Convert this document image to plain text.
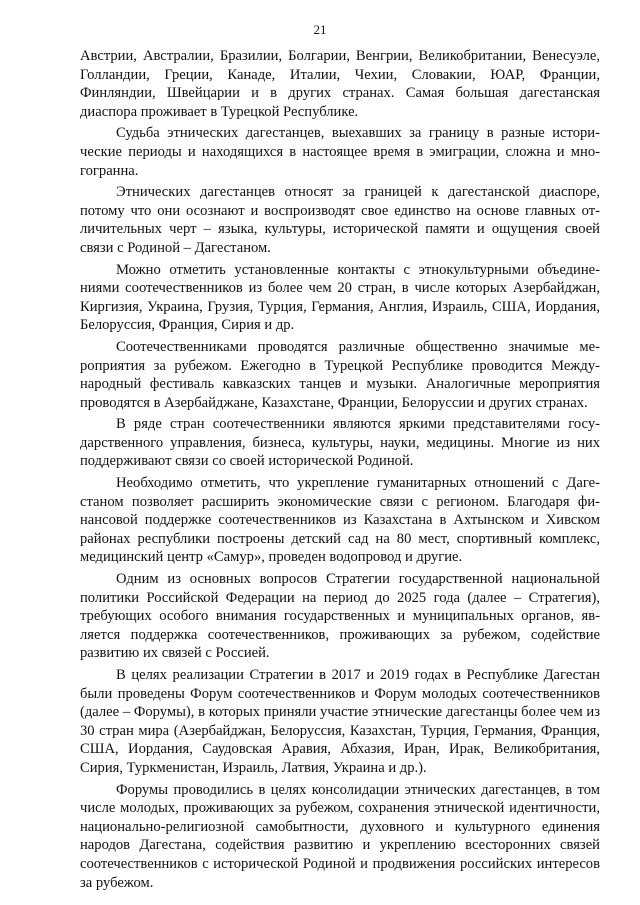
21

Австрии, Австралии, Бразилии, Болгарии, Венгрии, Великобритании, Венесуэле, Голландии, Греции, Канаде, Италии, Чехии, Словакии, ЮАР, Франции, Финляндии, Швейцарии и в других странах. Самая большая дагестанская диаспора проживает в Турецкой Республике.

Судьба этнических дагестанцев, выехавших за границу в разные исторические периоды и находящихся в настоящее время в эмиграции, сложна и многогранна.

Этнических дагестанцев относят за границей к дагестанской диаспоре, потому что они осознают и воспроизводят свое единство на основе главных отличительных черт – языка, культуры, исторической памяти и ощущения своей связи с Родиной – Дагестаном.

Можно отметить установленные контакты с этнокультурными объединениями соотечественников из более чем 20 стран, в числе которых Азербайджан, Киргизия, Украина, Грузия, Турция, Германия, Англия, Израиль, США, Иордания, Белоруссия, Франция, Сирия и др.

Соотечественниками проводятся различные общественно значимые мероприятия за рубежом. Ежегодно в Турецкой Республике проводится Международный фестиваль кавказских танцев и музыки. Аналогичные мероприятия проводятся в Азербайджане, Казахстане, Франции, Белоруссии и других странах.

В ряде стран соотечественники являются яркими представителями государственного управления, бизнеса, культуры, науки, медицины. Многие из них поддерживают связи со своей исторической Родиной.

Необходимо отметить, что укрепление гуманитарных отношений с Дагестаном позволяет расширить экономические связи с регионом. Благодаря финансовой поддержке соотечественников из Казахстана в Ахтынском и Хивском районах республики построены детский сад на 80 мест, спортивный комплекс, медицинский центр «Самур», проведен водопровод и другие.

Одним из основных вопросов Стратегии государственной национальной политики Российской Федерации на период до 2025 года (далее – Стратегия), требующих особого внимания государственных и муниципальных органов, является поддержка соотечественников, проживающих за рубежом, содействие развитию их связей с Россией.

В целях реализации Стратегии в 2017 и 2019 годах в Республике Дагестан были проведены Форум соотечественников и Форум молодых соотечественников (далее – Форумы), в которых приняли участие этнические дагестанцы более чем из 30 стран мира (Азербайджан, Белоруссия, Казахстан, Турция, Германия, Франция, США, Иордания, Саудовская Аравия, Абхазия, Иран, Ирак, Великобритания, Сирия, Туркменистан, Израиль, Латвия, Украина и др.).

Форумы проводились в целях консолидации этнических дагестанцев, в том числе молодых, проживающих за рубежом, сохранения этнической идентичности, национально-религиозной самобытности, духовного и культурного единения народов Дагестана, содействия развитию и укреплению всесторонних связей соотечественников с исторической Родиной и продвижения российских интересов за рубежом.
